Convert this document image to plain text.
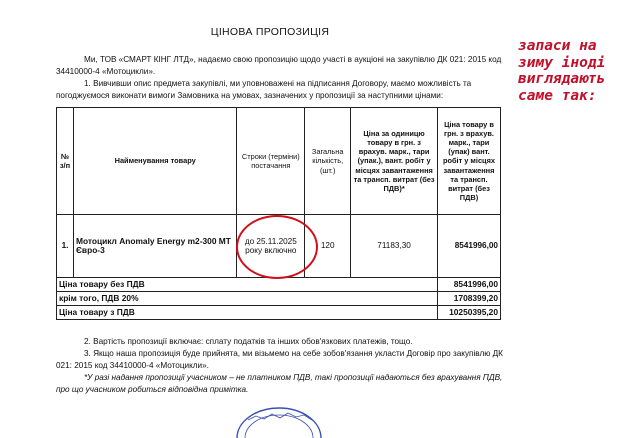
ЦІНОВА ПРОПОЗИЦІЯ

Ми, ТОВ «СМАРТ КІНГ ЛТД», надаємо свою пропозицію щодо участі в аукціоні на закупівлю ДК 021: 2015 код 34410000-4 «Мотоцикли».

1. Вивчивши опис предмета закупівлі, ми уповноважені на підписання Договору, маємо можливість та погоджуємося виконати вимоги Замовника на умовах, зазначених у пропозиції за наступними цінами:

запаси на зиму іноді виглядають саме так:
№ з/п	Найменування товару	Строки (терміни) постачання	Загальна кількість, (шт.)	Ціна за одиницю товару в грн. з врахув. марк., тари (упак.), вант. робіт у місцях завантаження та трансп. витрат (без ПДВ)*	Ціна товару в грн. з врахув. марк., тари (упак) вант. робіт у місцях завантаження та трансп. витрат (без ПДВ)
1.	Мотоцикл Anomaly Energy m2-300 МТ Євро-3	до 25.11.2025 року включно	120	71183,30	8541996,00
Ціна товару без ПДВ					8541996,00
крім того, ПДВ 20%					1708399,20
Ціна товару з ПДВ					10250395,20

2. Вартість пропозиції включає: сплату податків та інших обов'язкових платежів, тощо.

3. Якщо наша пропозиція буде прийнята, ми візьмемо на себе зобов'язання укласти Договір про закупівлю ДК 021: 2015 код 34410000-4 «Мотоцикли».

*У разі надання пропозиції учасником – не платником ПДВ, такі пропозиції надаються без врахування ПДВ, про що учасником робиться відповідна примітка.
